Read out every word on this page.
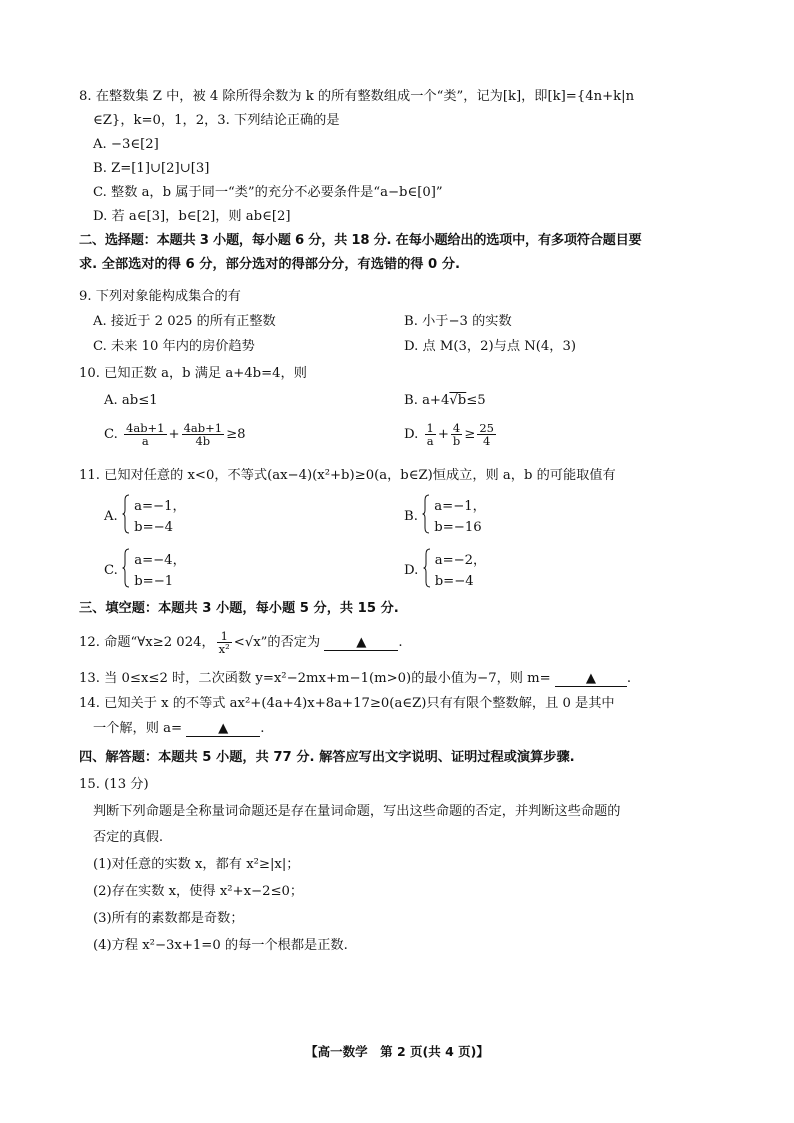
8. 在整数集 Z 中，被 4 除所得余数为 k 的所有整数组成一个“类”，记为[k]，即[k]={4n+k|n
∈Z}，k=0，1，2，3. 下列结论正确的是
A. −3∈[2]
B. Z=[1]∪[2]∪[3]
C. 整数 a，b 属于同一“类”的充分不必要条件是“a−b∈[0]”
D. 若 a∈[3]，b∈[2]，则 ab∈[2]
二、选择题：本题共 3 小题，每小题 6 分，共 18 分. 在每小题给出的选项中，有多项符合题目要
求. 全部选对的得 6 分，部分选对的得部分分，有选错的得 0 分.
9. 下列对象能构成集合的有
A. 接近于 2 025 的所有正整数	B. 小于−3 的实数
C. 未来 10 年内的房价趋势	D. 点 M(3，2)与点 N(4，3)
10. 已知正数 a，b 满足 a+4b=4，则
A. ab≤1	B. a+4√b≤5
C. $\frac{4ab+1}{a} + \frac{4ab+1}{4b} \ge 8$	D. $\frac{1}{a} + \frac{4}{b} \ge \frac{25}{4}$
11. 已知对任意的 x<0，不等式(ax−4)(x²+b)≥0(a，b∈Z)恒成立，则 a，b 的可能取值有
A.
a=−1，
b=−4
B.
a=−1，
b=−16
C.
a=−4，
b=−1
D.
a=−2，
b=−4
三、填空题：本题共 3 小题，每小题 5 分，共 15 分.
12. 命题“∀x≥2 024， $\frac{1}{\text{x²}} <√x$”的否定为	▲ .
13. 当 0≤x≤2 时，二次函数 y=x²−2mx+m−1(m>0)的最小值为−7，则 m=	▲ .
14. 已知关于 x 的不等式 ax²+(4a+4)x+8a+17≥0(a∈Z)只有有限个整数解，且 0 是其中
一个解，则 a=	▲ .
四、解答题：本题共 5 小题，共 77 分. 解答应写出文字说明、证明过程或演算步骤.
15. (13 分)
判断下列命题是全称量词命题还是存在量词命题，写出这些命题的否定，并判断这些命题的
否定的真假.
(1)对任意的实数 x，都有 x²≥|x|；
(2)存在实数 x，使得 x²+x−2≤0；
(3)所有的素数都是奇数；
(4)方程 x²−3x+1=0 的每一个根都是正数.
【高一数学　第 2 页(共 4 页)】
